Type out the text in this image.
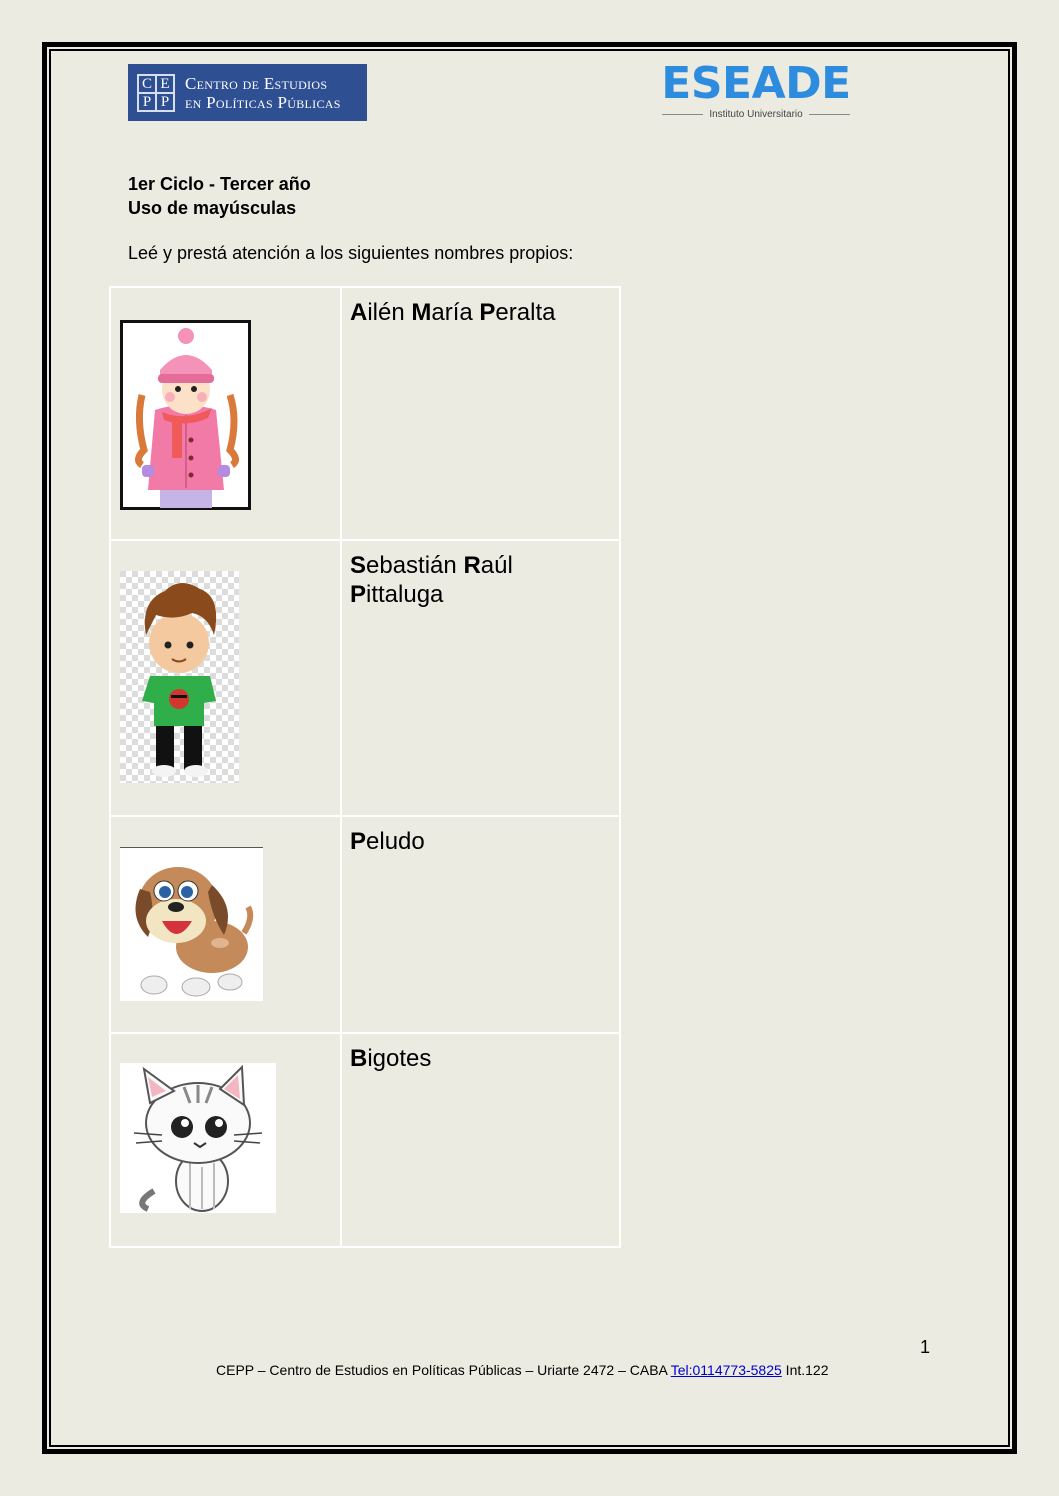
C E
P P
Centro de Estudios
en Políticas Públicas	ESEADE
Instituto Universitario
1er Ciclo - Tercer año
Uso de mayúsculas
Leé y prestá atención a los siguientes nombres propios:
Ailén María Peralta
Sebastián Raúl
Pittaluga
Peludo
Bigotes
1
CEPP – Centro de Estudios en Políticas Públicas – Uriarte 2472 – CABA Tel:0114773-5825 Int.122
